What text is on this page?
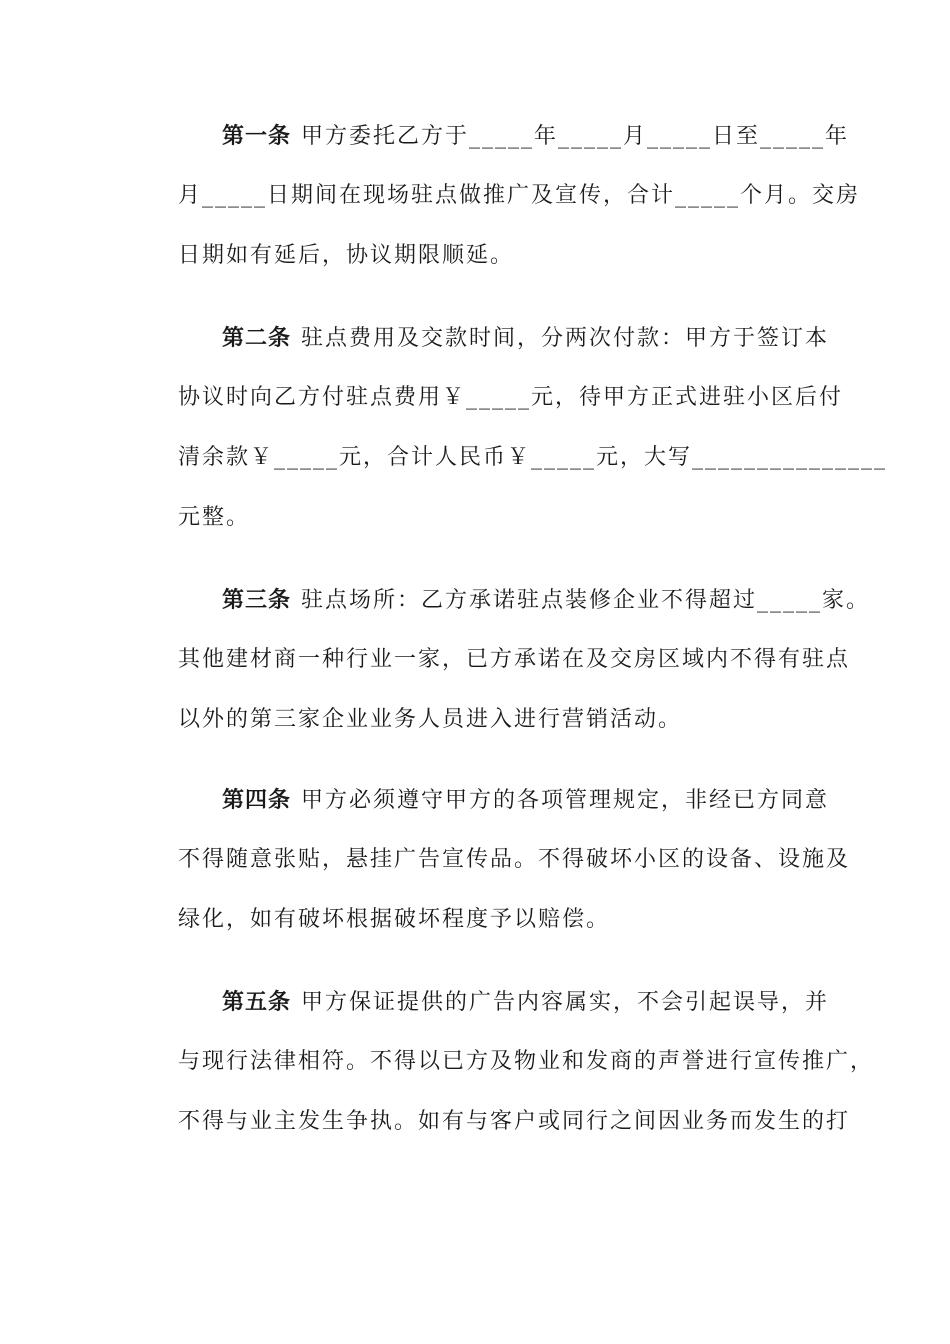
第一条 甲方委托乙方于_____年_____月_____日至_____年
月_____日期间在现场驻点做推广及宣传，合计_____个月。交房
日期如有延后，协议期限顺延。
第二条 驻点费用及交款时间，分两次付款：甲方于签订本
协议时向乙方付驻点费用￥_____元，待甲方正式进驻小区后付
清余款￥_____元，合计人民币￥_____元，大写_______________
元整。
第三条 驻点场所：乙方承诺驻点装修企业不得超过_____家。
其他建材商一种行业一家，已方承诺在及交房区域内不得有驻点
以外的第三家企业业务人员进入进行营销活动。
第四条 甲方必须遵守甲方的各项管理规定，非经已方同意
不得随意张贴，悬挂广告宣传品。不得破坏小区的设备、设施及
绿化，如有破坏根据破坏程度予以赔偿。
第五条 甲方保证提供的广告内容属实，不会引起误导，并
与现行法律相符。不得以已方及物业和发商的声誉进行宣传推广，
不得与业主发生争执。如有与客户或同行之间因业务而发生的打
